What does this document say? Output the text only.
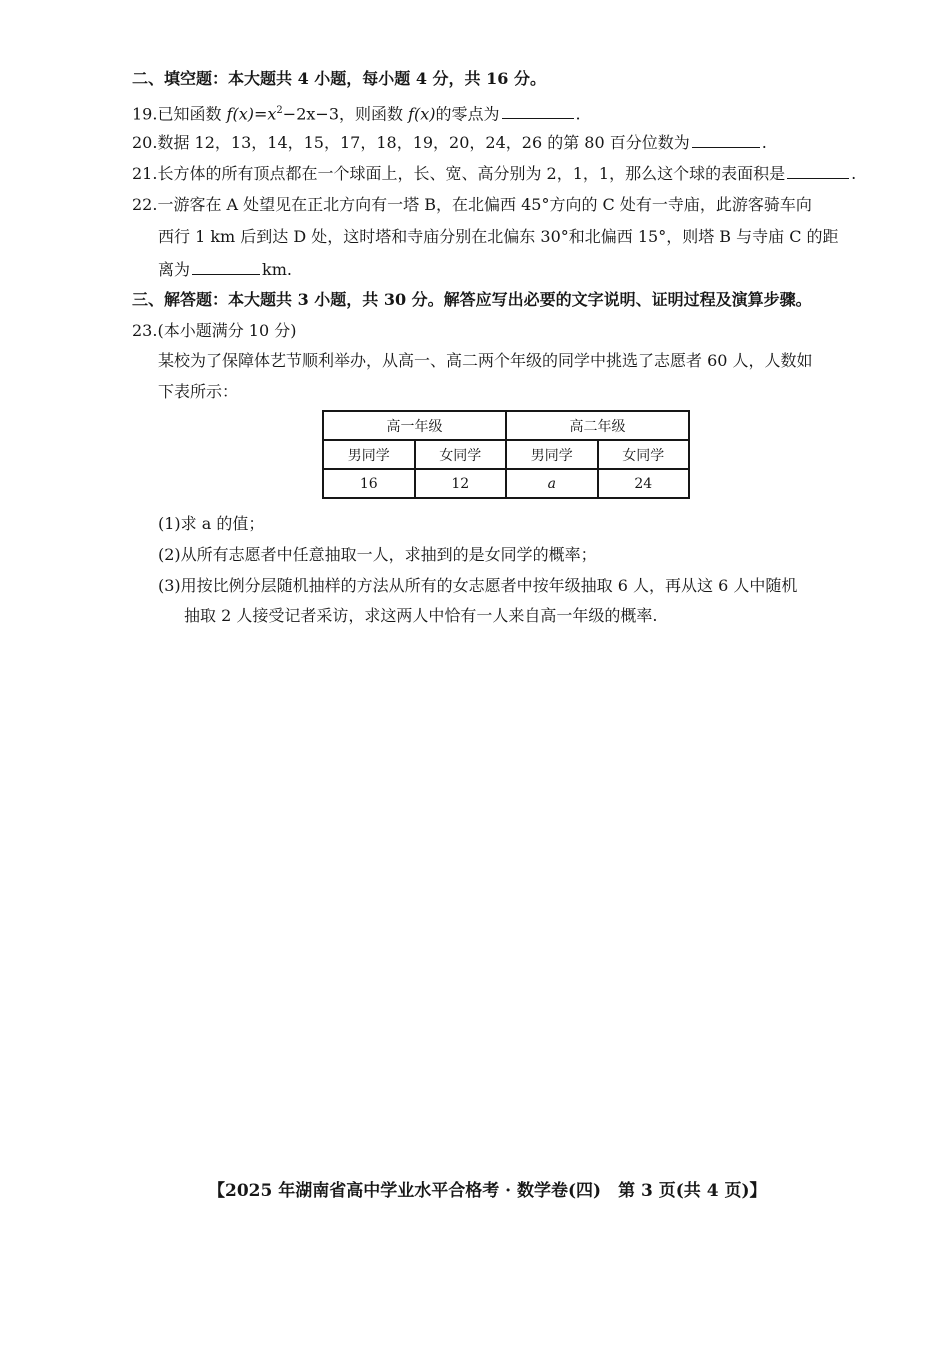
二、填空题：本大题共 4 小题，每小题 4 分，共 16 分。
19.已知函数 $f(x)=x^2-2x-3$，则函数 f(x)的零点为	.
20.数据 12，13，14，15，17，18，19，20，24，26 的第 80 百分位数为	.
21.长方体的所有顶点都在一个球面上，长、宽、高分别为 2，1，1，那么这个球的表面积是	.
22.一游客在 A 处望见在正北方向有一塔 B，在北偏西 45°方向的 C 处有一寺庙，此游客骑车向
西行 1 km 后到达 D 处，这时塔和寺庙分别在北偏东 30°和北偏西 15°，则塔 B 与寺庙 C 的距
离为	km.
三、解答题：本大题共 3 小题，共 30 分。解答应写出必要的文字说明、证明过程及演算步骤。
23.(本小题满分 10 分)
某校为了保障体艺节顺利举办，从高一、高二两个年级的同学中挑选了志愿者 60 人，人数如
下表所示：
高一年级		高二年级	
男同学	女同学	男同学	女同学
16	12	a	24
(1)求 a 的值；
(2)从所有志愿者中任意抽取一人，求抽到的是女同学的概率；
(3)用按比例分层随机抽样的方法从所有的女志愿者中按年级抽取 6 人，再从这 6 人中随机
抽取 2 人接受记者采访，求这两人中恰有一人来自高一年级的概率.
【2025 年湖南省高中学业水平合格考 · 数学卷(四)　第 3 页(共 4 页)】
